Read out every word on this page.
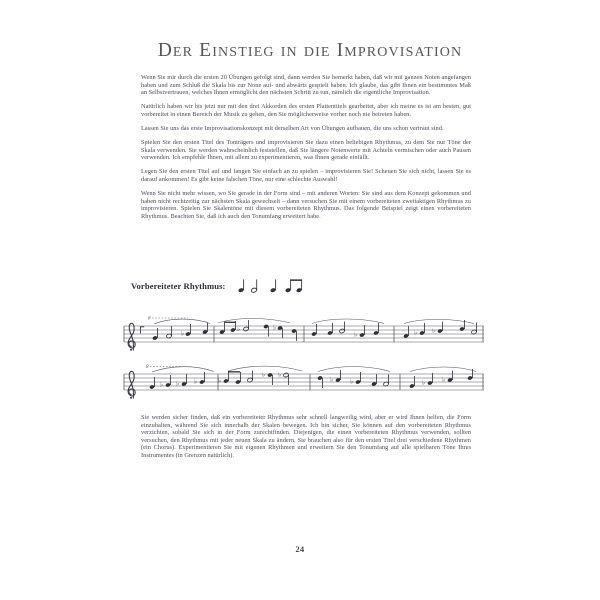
Der Einstieg in die Improvisation

Wenn Sie mir durch die ersten 20 Übungen gefolgt sind, dann werden Sie bemerkt haben, daß wir mit ganzen Noten angefangen haben und zum Schluß die Skala bis zur None auf- und abwärts gespielt haben. Ich glaube, das gibt Ihnen ein bestimmtes Maß an Selbstvertrauen, welches Ihnen ermöglicht den nächsten Schritt zu tun, nämlich die eigentliche Improvisation.

Natürlich haben wir bis jetzt nur mit den drei Akkorden des ersten Plattentitels gearbeitet, aber ich meine es ist am besten, gut vorbereitet in einen Bereich der Musik zu gehen, den Sie möglicherweise vorher noch nie betreten haben.

Lassen Sie uns das erste Improvisationskonzept mit derselben Art von Übungen aufbauen, die uns schon vertraut sind.

Spielen Sie den ersten Titel des Tonträgers und improvisieren Sie dazu einen beliebigen Rhythmus, zu dem Sie nur Töne der Skala verwenden. Sie werden wahrscheinlich feststellen, daß Sie längere Notenwerte mit Achteln vermischen oder auch Pausen verwenden. Ich empfehle Ihnen, mit allem zu experimentieren, was Ihnen gerade einfällt.

Legen Sie den ersten Titel auf und fangen Sie einfach an zu spielen – improvisieren Sie! Scheuen Sie sich nicht, lassen Sie es darauf ankommen! Es gibt keine falschen Töne, nur eine schlechte Auswahl!

Wenn Sie nicht mehr wissen, wo Sie gerade in der Form sind – mit anderen Worten: Sie sind aus dem Konzept gekommen und haben nicht rechtzeitig zur nächsten Skala gewechselt – dann versuchen Sie mit einem vorbereiteten zweitaktigen Rhythmus zu improvisieren. Spielen Sie Skalentöne mit diesem vorbereiteten Rhythmus. Das folgende Beispiel zeigt einen vorbereiteten Rhythmus. Beachten Sie, daß ich auch den Tonumfang erweitert habe.

Vorbereiteter Rhythmus:
8
♭
♭	♭
♭	♭ ♭
8
♭ ♭ ♭	♭
♭ ♭
♭	♭	♭	♭

Sie werden sicher finden, daß ein vorbereiteter Rhythmus sehr schnell langweilig wird, aber er wird Ihnen helfen, die Form einzuhalten, während Sie sich innerhalb der Skalen bewegen. Ich bin sicher, Sie können auf den vorbereiteten Rhythmus verzichten, sobald Sie sich in der Form zurechtfinden. Diejenigen, die einen vorbereiteten Rhythmus verwenden, sollten versuchen, den Rhythmus mit jeder neuen Skala zu ändern. Sie brauchen also für den ersten Titel drei verschiedene Rhythmen (ein Chorus). Experimentieren Sie mit eigenen Rhythmen und erweitern Sie den Tonumfang auf alle spielbaren Töne Ihres Instrumentes (in Grenzen natürlich).

24
